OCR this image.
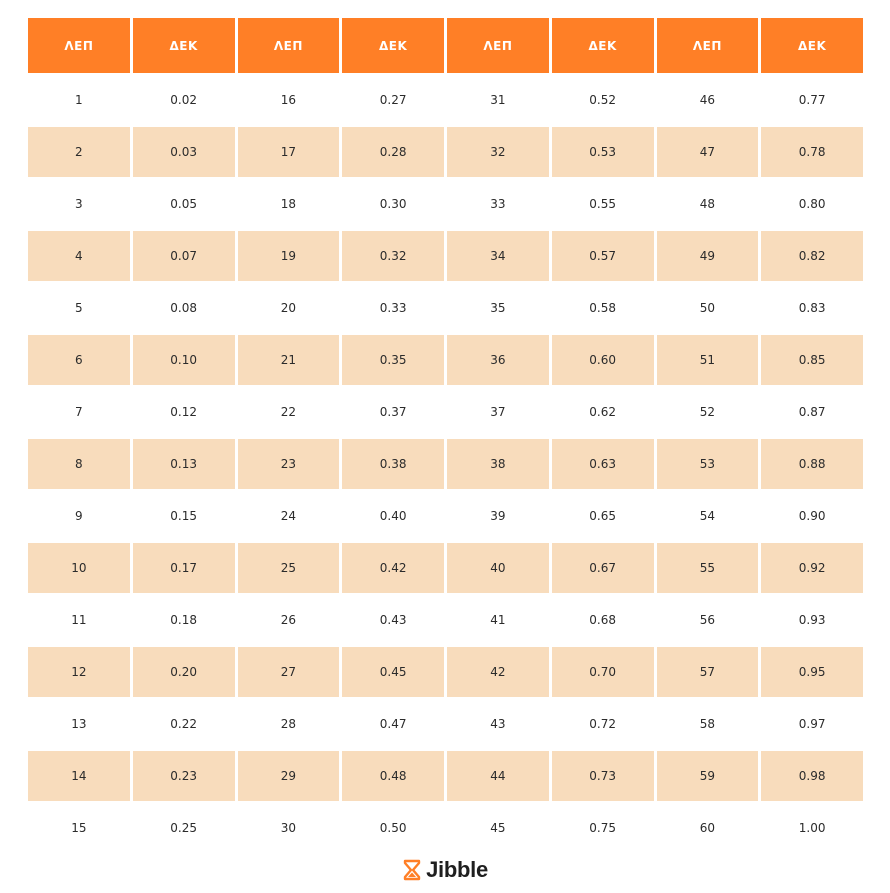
ΛΕΠ	ΔΕΚ	ΛΕΠ	ΔΕΚ	ΛΕΠ	ΔΕΚ	ΛΕΠ	ΔΕΚ
1	0.02	16	0.27	31	0.52	46	0.77
2	0.03	17	0.28	32	0.53	47	0.78
3	0.05	18	0.30	33	0.55	48	0.80
4	0.07	19	0.32	34	0.57	49	0.82
5	0.08	20	0.33	35	0.58	50	0.83
6	0.10	21	0.35	36	0.60	51	0.85
7	0.12	22	0.37	37	0.62	52	0.87
8	0.13	23	0.38	38	0.63	53	0.88
9	0.15	24	0.40	39	0.65	54	0.90
10	0.17	25	0.42	40	0.67	55	0.92
11	0.18	26	0.43	41	0.68	56	0.93
12	0.20	27	0.45	42	0.70	57	0.95
13	0.22	28	0.47	43	0.72	58	0.97
14	0.23	29	0.48	44	0.73	59	0.98
15	0.25	30	0.50	45	0.75	60	1.00
Jibble
